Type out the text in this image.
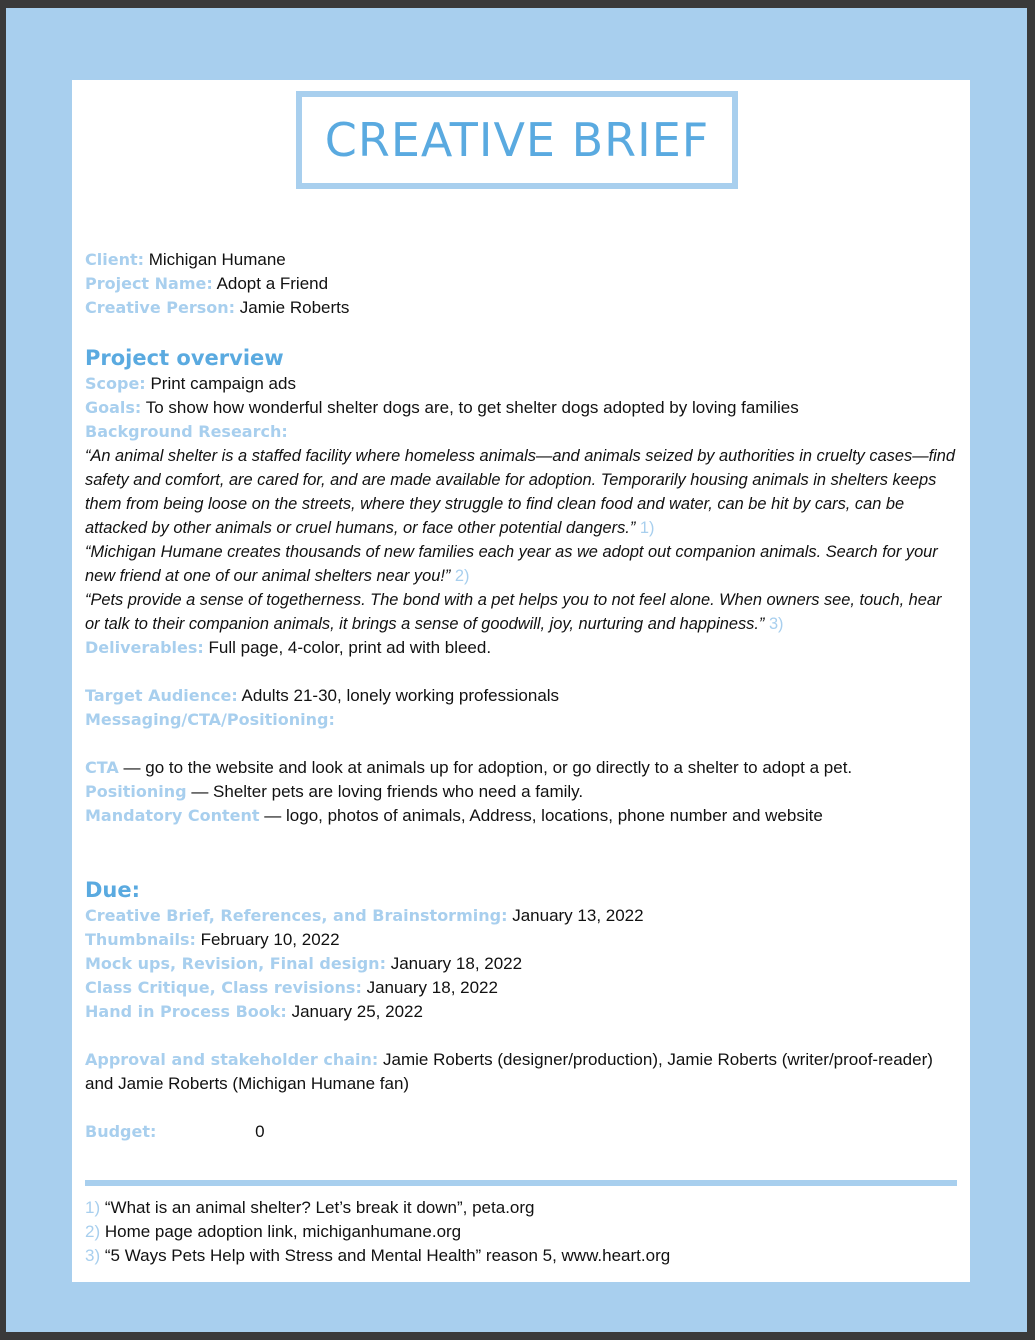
CREATIVE BRIEF
Client: Michigan Humane
Project Name: Adopt a Friend
Creative Person: Jamie Roberts
Project overview
Scope: Print campaign ads
Goals: To show how wonderful shelter dogs are, to get shelter dogs adopted by loving families
Background Research:
“An animal shelter is a staffed facility where homeless animals—and animals seized by authorities in cruelty cases—find safety and comfort, are cared for, and are made available for adoption. Temporarily housing animals in shelters keeps them from being loose on the streets, where they struggle to find clean food and water, can be hit by cars, can be attacked by other animals or cruel humans, or face other potential dangers.” 1)
“Michigan Humane creates thousands of new families each year as we adopt out companion animals. Search for your new friend at one of our animal shelters near you!” 2)
“Pets provide a sense of togetherness. The bond with a pet helps you to not feel alone. When owners see, touch, hear or talk to their companion animals, it brings a sense of goodwill, joy, nurturing and happiness.” 3)
Deliverables: Full page, 4-color, print ad with bleed.
Target Audience: Adults 21-30, lonely working professionals
Messaging/CTA/Positioning:
CTA — go to the website and look at animals up for adoption, or go directly to a shelter to adopt a pet.
Positioning — Shelter pets are loving friends who need a family.
Mandatory Content — logo, photos of animals, Address, locations, phone number and website
Due:
Creative Brief, References, and Brainstorming: January 13, 2022
Thumbnails: February 10, 2022
Mock ups, Revision, Final design: January 18, 2022
Class Critique, Class revisions: January 18, 2022
Hand in Process Book: January 25, 2022
Approval and stakeholder chain: Jamie Roberts (designer/production), Jamie Roberts (writer/proof-reader) and Jamie Roberts (Michigan Humane fan)
Budget:	0
1) “What is an animal shelter? Let’s break it down”, peta.org
2) Home page adoption link, michiganhumane.org
3) “5 Ways Pets Help with Stress and Mental Health” reason 5, www.heart.org
